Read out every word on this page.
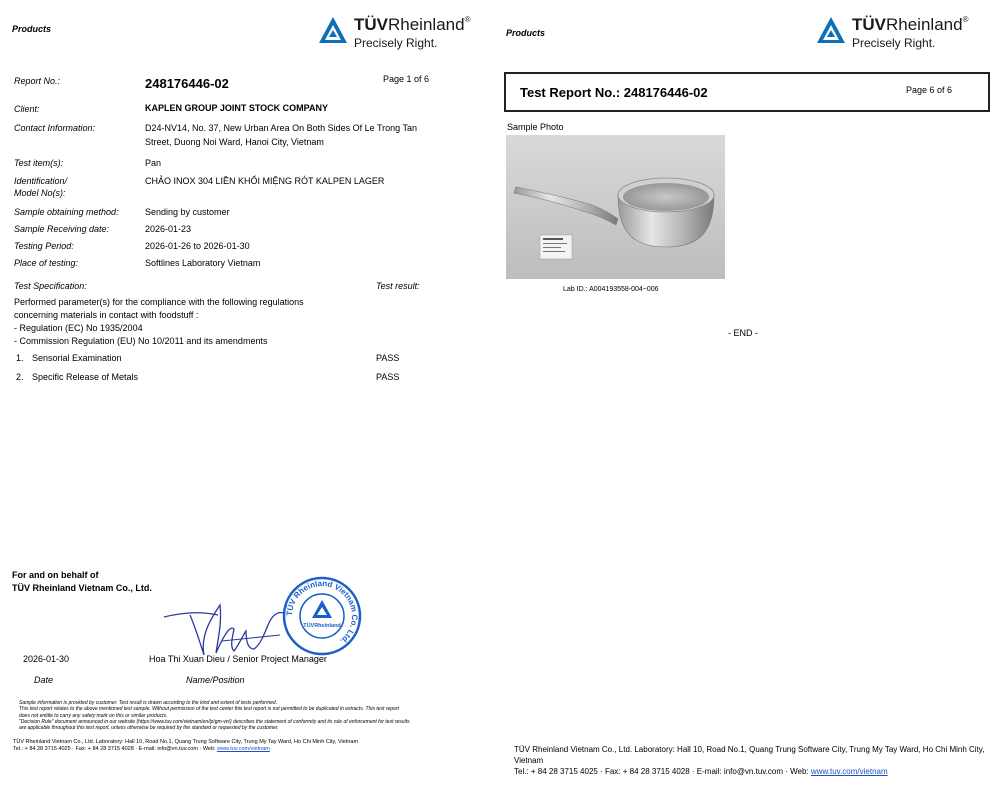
Products	TÜVRheinland®
Precisely Right.
Report No.:	248176446-02	Page 1 of 6
Client:	KAPLEN GROUP JOINT STOCK COMPANY
Contact Information:	D24-NV14, No. 37, New Urban Area On Both Sides Of Le Trong Tan
Street, Duong Noi Ward, Hanoi City, Vietnam
Test item(s):	Pan
Identification/
Model No(s):
CHẢO INOX 304 LIỀN KHỐI MIỆNG RÓT KALPEN LAGER
Sample obtaining method:	Sending by customer
Sample Receiving date:	2026-01-23
Testing Period:	2026-01-26 to 2026-01-30
Place of testing:	Softlines Laboratory Vietnam
Test Specification:	Test result:
Performed parameter(s) for the compliance with the following regulations
concerning materials in contact with foodstuff :
- Regulation (EC) No 1935/2004
- Commission Regulation (EU) No 10/2011 and its amendments
1. Sensorial Examination	PASS
2. Specific Release of Metals	PASS
For and on behalf of
TÜV Rheinland Vietnam Co., Ltd.
TÜV Rheinland Vietnam Co. Ltd.
TÜVRheinland
2026-01-30	Hoa Thi Xuan Dieu / Senior Project Manager
Date	Name/Position
Sample information is provided by customer. Test result is drawn according to the kind and extent of tests performed.
This test report relates to the above mentioned test sample. Without permission of the test center this test report is not permitted to be duplicated in extracts. This test report
does not entitle to carry any safety mark on this or similar products.
"Decision Rule" document announced in our website (https://www.tuv.com/vietnam/en/lp/gm-vn/) describes the statement of conformity and its rule of enforcement for test results
are applicable throughout this test report, unless otherwise be required by the standard or requested by the customer.
TÜV Rheinland Vietnam Co., Ltd. Laboratory: Hall 10, Road No.1, Quang Trung Software City, Trung My Tay Ward, Ho Chi Minh City, Vietnam
Tel.: + 84 28 3715 4025 · Fax: + 84 28 3715 4028 · E-mail: info@vn.tuv.com · Web: www.tuv.com/vietnam
Products	TÜVRheinland®
Precisely Right.
Test Report No.: 248176446-02	Page 6 of 6
Sample Photo
Lab ID.: A004193558-004~006
- END -
TÜV Rheinland Vietnam Co., Ltd. Laboratory: Hall 10, Road No.1, Quang Trung Software City, Trung My Tay Ward, Ho Chi Minh City,
Vietnam
Tel.: + 84 28 3715 4025 · Fax: + 84 28 3715 4028 · E-mail: info@vn.tuv.com · Web: www.tuv.com/vietnam
